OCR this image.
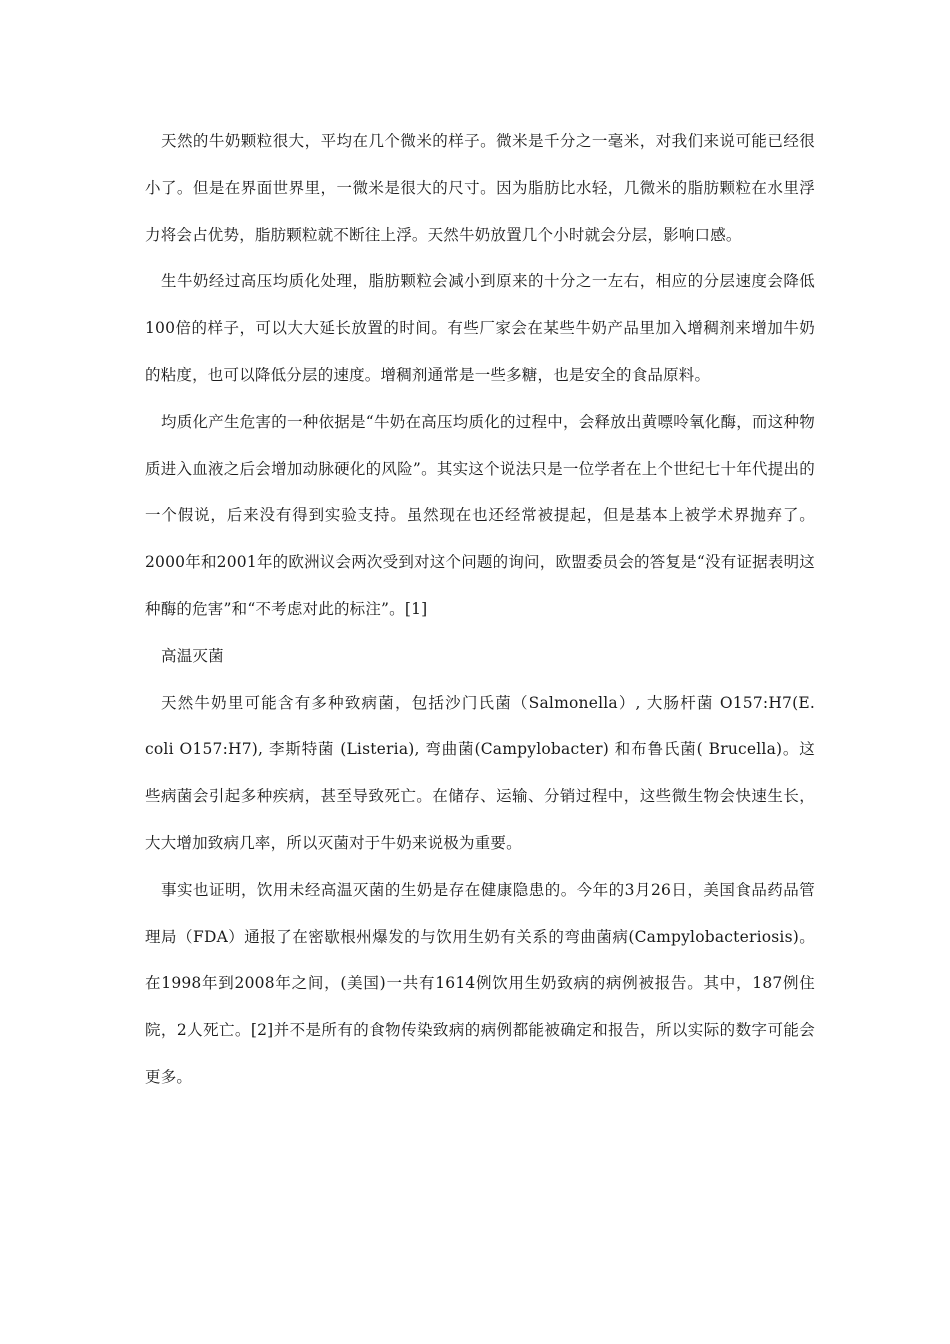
天然的牛奶颗粒很大，平均在几个微米的样子。微米是千分之一毫米，对我们来说可能已经很小了。但是在界面世界里，一微米是很大的尺寸。因为脂肪比水轻，几微米的脂肪颗粒在水里浮力将会占优势，脂肪颗粒就不断往上浮。天然牛奶放置几个小时就会分层，影响口感。

生牛奶经过高压均质化处理，脂肪颗粒会减小到原来的十分之一左右，相应的分层速度会降低100倍的样子，可以大大延长放置的时间。有些厂家会在某些牛奶产品里加入增稠剂来增加牛奶的粘度，也可以降低分层的速度。增稠剂通常是一些多糖，也是安全的食品原料。

均质化产生危害的一种依据是“牛奶在高压均质化的过程中，会释放出黄嘌呤氧化酶，而这种物质进入血液之后会增加动脉硬化的风险”。其实这个说法只是一位学者在上个世纪七十年代提出的一个假说，后来没有得到实验支持。虽然现在也还经常被提起，但是基本上被学术界抛弃了。2000年和2001年的欧洲议会两次受到对这个问题的询问，欧盟委员会的答复是“没有证据表明这种酶的危害”和“不考虑对此的标注”。[1]

高温灭菌

天然牛奶里可能含有多种致病菌，包括沙门氏菌（Salmonella）, 大肠杆菌 O157:H7(E. coli O157:H7), 李斯特菌 (Listeria), 弯曲菌(Campylobacter) 和布鲁氏菌( Brucella)。这些病菌会引起多种疾病，甚至导致死亡。在储存、运输、分销过程中，这些微生物会快速生长，大大增加致病几率，所以灭菌对于牛奶来说极为重要。

事实也证明，饮用未经高温灭菌的生奶是存在健康隐患的。今年的3月26日，美国食品药品管理局（FDA）通报了在密歇根州爆发的与饮用生奶有关系的弯曲菌病(Campylobacteriosis)。在1998年到2008年之间，(美国)一共有1614例饮用生奶致病的病例被报告。其中，187例住院，2人死亡。[2]并不是所有的食物传染致病的病例都能被确定和报告，所以实际的数字可能会更多。
